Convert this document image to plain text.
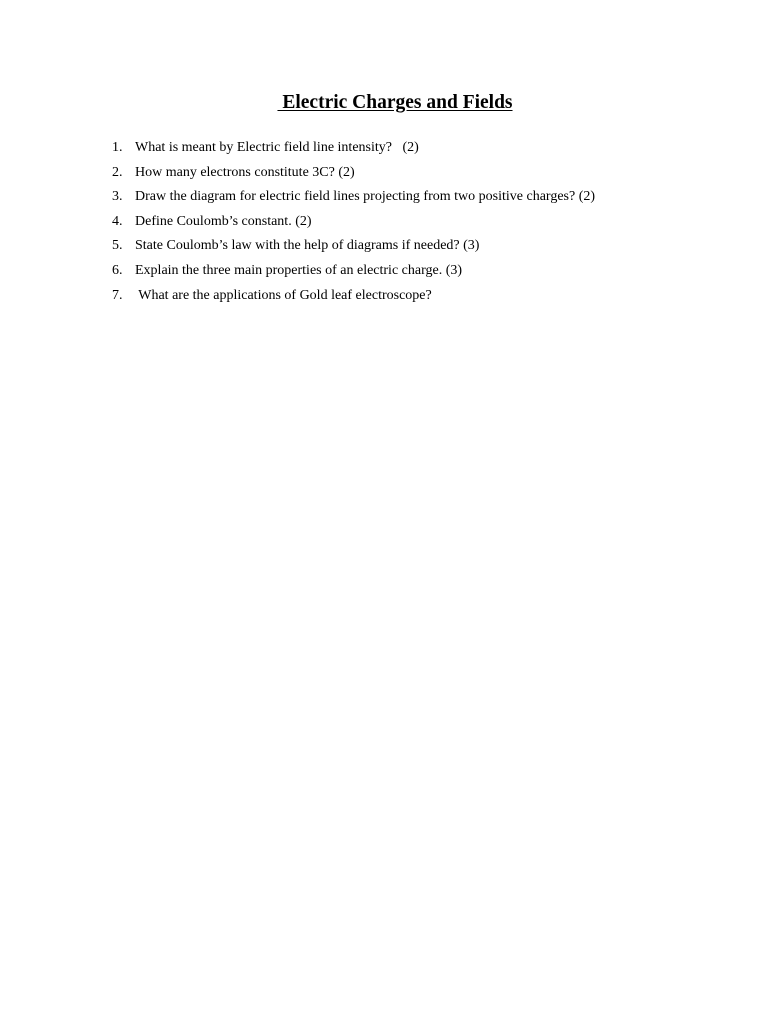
Electric Charges and Fields
1. What is meant by Electric field line intensity?   (2)
2. How many electrons constitute 3C? (2)
3. Draw the diagram for electric field lines projecting from two positive charges? (2)
4. Define Coulomb’s constant. (2)
5. State Coulomb’s law with the help of diagrams if needed? (3)
6. Explain the three main properties of an electric charge. (3)
7. What are the applications of Gold leaf electroscope?
